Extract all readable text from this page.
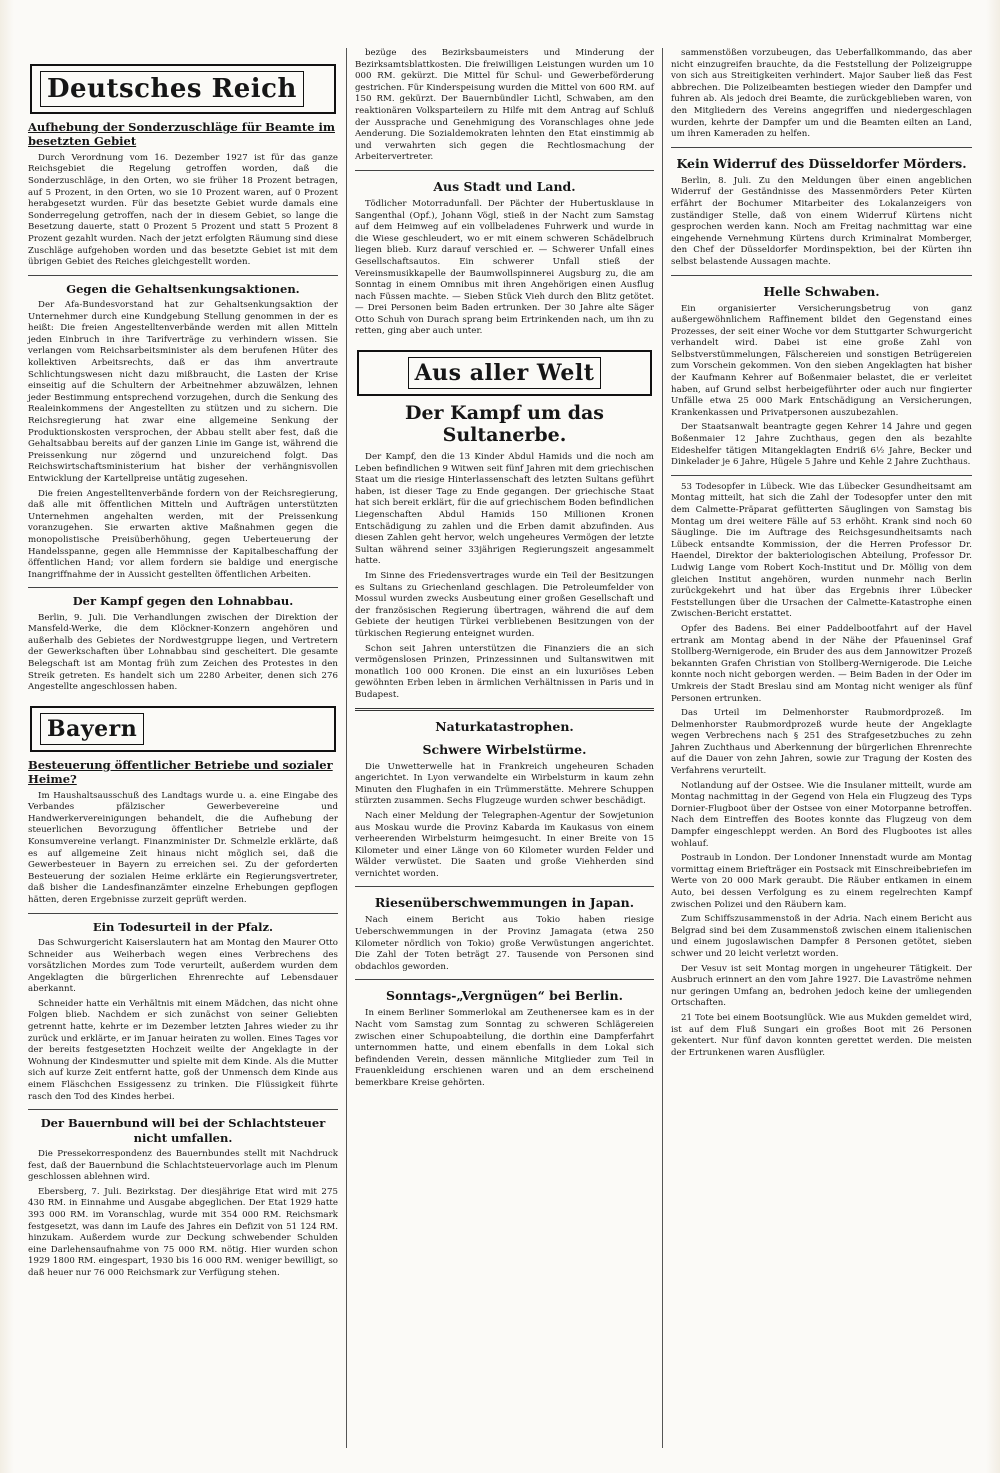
Deutsches Reich
Aufhebung der Sonderzuschläge für Beamte im besetzten Gebiet

Durch Verordnung vom 16. Dezember 1927 ist für das ganze Reichsgebiet die Regelung getroffen worden, daß die Sonderzuschläge, in den Orten, wo sie früher 18 Prozent betragen, auf 5 Prozent, in den Orten, wo sie 10 Prozent waren, auf 0 Prozent herabgesetzt wurden. Für das besetzte Gebiet wurde damals eine Sonderregelung getroffen, nach der in diesem Gebiet, so lange die Besetzung dauerte, statt 0 Prozent 5 Prozent und statt 5 Prozent 8 Prozent gezahlt wurden. Nach der jetzt erfolgten Räumung sind diese Zuschläge aufgehoben worden und das besetzte Gebiet ist mit dem übrigen Gebiet des Reiches gleichgestellt worden.

Gegen die Gehaltsenkungsaktionen.

Der Afa-Bundesvorstand hat zur Gehaltsenkungsaktion der Unternehmer durch eine Kundgebung Stellung genommen in der es heißt: Die freien Angestelltenverbände werden mit allen Mitteln jeden Einbruch in ihre Tarifverträge zu verhindern wissen. Sie verlangen vom Reichsarbeitsminister als dem berufenen Hüter des kollektiven Arbeitsrechts, daß er das ihm anvertraute Schlichtungswesen nicht dazu mißbraucht, die Lasten der Krise einseitig auf die Schultern der Arbeitnehmer abzuwälzen, lehnen jeder Bestimmung entsprechend vorzugehen, durch die Senkung des Realeinkommens der Angestellten zu stützen und zu sichern. Die Reichsregierung hat zwar eine allgemeine Senkung der Produktionskosten versprochen, der Abbau stellt aber fest, daß die Gehaltsabbau bereits auf der ganzen Linie im Gange ist, während die Preissenkung nur zögernd und unzureichend folgt. Das Reichswirtschaftsministerium hat bisher der verhängnisvollen Entwicklung der Kartellpreise untätig zugesehen.

Die freien Angestelltenverbände fordern von der Reichsregierung, daß alle mit öffentlichen Mitteln und Aufträgen unterstützten Unternehmen angehalten werden, mit der Preissenkung voranzugehen. Sie erwarten aktive Maßnahmen gegen die monopolistische Preisüberhöhung, gegen Ueberteuerung der Handelsspanne, gegen alle Hemmnisse der Kapitalbeschaffung der öffentlichen Hand; vor allem fordern sie baldige und energische Inangriffnahme der in Aussicht gestellten öffentlichen Arbeiten.

Der Kampf gegen den Lohnabbau.

Berlin, 9. Juli. Die Verhandlungen zwischen der Direktion der Mansfeld-Werke, die dem Klöckner-Konzern angehören und außerhalb des Gebietes der Nordwestgruppe liegen, und Vertretern der Gewerkschaften über Lohnabbau sind gescheitert. Die gesamte Belegschaft ist am Montag früh zum Zeichen des Protestes in den Streik getreten. Es handelt sich um 2280 Arbeiter, denen sich 276 Angestellte angeschlossen haben.

Bayern
Besteuerung öffentlicher Betriebe und sozialer Heime?

Im Haushaltsausschuß des Landtags wurde u. a. eine Eingabe des Verbandes pfälzischer Gewerbevereine und Handwerkervereinigungen behandelt, die die Aufhebung der steuerlichen Bevorzugung öffentlicher Betriebe und der Konsumvereine verlangt. Finanzminister Dr. Schmelzle erklärte, daß es auf allgemeine Zeit hinaus nicht möglich sei, daß die Gewerbesteuer in Bayern zu erreichen sei. Zu der geforderten Besteuerung der sozialen Heime erklärte ein Regierungsvertreter, daß bisher die Landesfinanzämter einzelne Erhebungen gepflogen hätten, deren Ergebnisse zurzeit geprüft werden.

Ein Todesurteil in der Pfalz.

Das Schwurgericht Kaiserslautern hat am Montag den Maurer Otto Schneider aus Weiherbach wegen eines Verbrechens des vorsätzlichen Mordes zum Tode verurteilt, außerdem wurden dem Angeklagten die bürgerlichen Ehrenrechte auf Lebensdauer aberkannt.

Schneider hatte ein Verhältnis mit einem Mädchen, das nicht ohne Folgen blieb. Nachdem er sich zunächst von seiner Geliebten getrennt hatte, kehrte er im Dezember letzten Jahres wieder zu ihr zurück und erklärte, er im Januar heiraten zu wollen. Eines Tages vor der bereits festgesetzten Hochzeit weilte der Angeklagte in der Wohnung der Kindesmutter und spielte mit dem Kinde. Als die Mutter sich auf kurze Zeit entfernt hatte, goß der Unmensch dem Kinde aus einem Fläschchen Essigessenz zu trinken. Die Flüssigkeit führte rasch den Tod des Kindes herbei.

Der Bauernbund will bei der Schlachtsteuer nicht umfallen.

Die Pressekorrespondenz des Bauernbundes stellt mit Nachdruck fest, daß der Bauernbund die Schlachtsteuervorlage auch im Plenum geschlossen ablehnen wird.

Ebersberg, 7. Juli. Bezirkstag. Der diesjährige Etat wird mit 275 430 RM. in Einnahme und Ausgabe abgeglichen. Der Etat 1929 hatte 393 000 RM. im Voranschlag, wurde mit 354 000 RM. Reichsmark festgesetzt, was dann im Laufe des Jahres ein Defizit von 51 124 RM. hinzukam. Außerdem wurde zur Deckung schwebender Schulden eine Darlehensaufnahme von 75 000 RM. nötig. Hier wurden schon 1929 1800 RM. eingespart, 1930 bis 16 000 RM. weniger bewilligt, so daß heuer nur 76 000 Reichsmark zur Verfügung stehen.

bezüge des Bezirksbaumeisters und Minderung der Bezirksamtsblattkosten. Die freiwilligen Leistungen wurden um 10 000 RM. gekürzt. Die Mittel für Schul- und Gewerbeförderung gestrichen. Für Kinderspeisung wurden die Mittel von 600 RM. auf 150 RM. gekürzt. Der Bauernbündler Lichtl, Schwaben, am den reaktionären Volksparteilern zu Hilfe mit dem Antrag auf Schluß der Aussprache und Genehmigung des Voranschlages ohne jede Aenderung. Die Sozialdemokraten lehnten den Etat einstimmig ab und verwahrten sich gegen die Rechtlosmachung der Arbeitervertreter.

Aus Stadt und Land.

Tödlicher Motorradunfall. Der Pächter der Hubertusklause in Sangenthal (Opf.), Johann Vögl, stieß in der Nacht zum Samstag auf dem Heimweg auf ein vollbeladenes Fuhrwerk und wurde in die Wiese geschleudert, wo er mit einem schweren Schädelbruch liegen blieb. Kurz darauf verschied er. — Schwerer Unfall eines Gesellschaftsautos. Ein schwerer Unfall stieß der Vereinsmusikkapelle der Baumwollspinnerei Augsburg zu, die am Sonntag in einem Omnibus mit ihren Angehörigen einen Ausflug nach Füssen machte. — Sieben Stück Vieh durch den Blitz getötet. — Drei Personen beim Baden ertrunken. Der 30 Jahre alte Säger Otto Schuh von Durach sprang beim Ertrinkenden nach, um ihn zu retten, ging aber auch unter.

Aus aller Welt
Der Kampf um das Sultanerbe.

Der Kampf, den die 13 Kinder Abdul Hamids und die noch am Leben befindlichen 9 Witwen seit fünf Jahren mit dem griechischen Staat um die riesige Hinterlassenschaft des letzten Sultans geführt haben, ist dieser Tage zu Ende gegangen. Der griechische Staat hat sich bereit erklärt, für die auf griechischem Boden befindlichen Liegenschaften Abdul Hamids 150 Millionen Kronen Entschädigung zu zahlen und die Erben damit abzufinden. Aus diesen Zahlen geht hervor, welch ungeheures Vermögen der letzte Sultan während seiner 33jährigen Regierungszeit angesammelt hatte.

Im Sinne des Friedensvertrages wurde ein Teil der Besitzungen es Sultans zu Griechenland geschlagen. Die Petroleumfelder von Mossul wurden zwecks Ausbeutung einer großen Gesellschaft und der französischen Regierung übertragen, während die auf dem Gebiete der heutigen Türkei verbliebenen Besitzungen von der türkischen Regierung enteignet wurden.

Schon seit Jahren unterstützen die Finanziers die an sich vermögenslosen Prinzen, Prinzessinnen und Sultanswitwen mit monatlich 100 000 Kronen. Die einst an ein luxuriöses Leben gewöhnten Erben leben in ärmlichen Verhältnissen in Paris und in Budapest.

Naturkatastrophen.
Schwere Wirbelstürme.

Die Unwetterwelle hat in Frankreich ungeheuren Schaden angerichtet. In Lyon verwandelte ein Wirbelsturm in kaum zehn Minuten den Flughafen in ein Trümmerstätte. Mehrere Schuppen stürzten zusammen. Sechs Flugzeuge wurden schwer beschädigt.

Nach einer Meldung der Telegraphen-Agentur der Sowjetunion aus Moskau wurde die Provinz Kabarda im Kaukasus von einem verheerenden Wirbelsturm heimgesucht. In einer Breite von 15 Kilometer und einer Länge von 60 Kilometer wurden Felder und Wälder verwüstet. Die Saaten und große Viehherden sind vernichtet worden.

Riesenüberschwemmungen in Japan.

Nach einem Bericht aus Tokio haben riesige Ueberschwemmungen in der Provinz Jamagata (etwa 250 Kilometer nördlich von Tokio) große Verwüstungen angerichtet. Die Zahl der Toten beträgt 27. Tausende von Personen sind obdachlos geworden.

Sonntags-„Vergnügen“ bei Berlin.

In einem Berliner Sommerlokal am Zeuthenersee kam es in der Nacht vom Samstag zum Sonntag zu schweren Schlägereien zwischen einer Schupoabteilung, die dorthin eine Dampferfahrt unternommen hatte, und einem ebenfalls in dem Lokal sich befindenden Verein, dessen männliche Mitglieder zum Teil in Frauenkleidung erschienen waren und an dem erscheinend bemerkbare Kreise gehörten.

sammenstößen vorzubeugen, das Ueberfallkommando, das aber nicht einzugreifen brauchte, da die Feststellung der Polizeigruppe von sich aus Streitigkeiten verhindert. Major Sauber ließ das Fest abbrechen. Die Polizeibeamten bestiegen wieder den Dampfer und fuhren ab. Als jedoch drei Beamte, die zurückgeblieben waren, von den Mitgliedern des Vereins angegriffen und niedergeschlagen wurden, kehrte der Dampfer um und die Beamten eilten an Land, um ihren Kameraden zu helfen.

Kein Widerruf des Düsseldorfer Mörders.

Berlin, 8. Juli. Zu den Meldungen über einen angeblichen Widerruf der Geständnisse des Massenmörders Peter Kürten erfährt der Bochumer Mitarbeiter des Lokalanzeigers von zuständiger Stelle, daß von einem Widerruf Kürtens nicht gesprochen werden kann. Noch am Freitag nachmittag war eine eingehende Vernehmung Kürtens durch Kriminalrat Momberger, den Chef der Düsseldorfer Mordinspektion, bei der Kürten ihn selbst belastende Aussagen machte.

Helle Schwaben.

Ein organisierter Versicherungsbetrug von ganz außergewöhnlichem Raffinement bildet den Gegenstand eines Prozesses, der seit einer Woche vor dem Stuttgarter Schwurgericht verhandelt wird. Dabei ist eine große Zahl von Selbstverstümmelungen, Fälschereien und sonstigen Betrügereien zum Vorschein gekommen. Von den sieben Angeklagten hat bisher der Kaufmann Kehrer auf Boßenmaier belastet, die er verleitet haben, auf Grund selbst herbeigeführter oder auch nur fingierter Unfälle etwa 25 000 Mark Entschädigung an Versicherungen, Krankenkassen und Privatpersonen auszubezahlen.

Der Staatsanwalt beantragte gegen Kehrer 14 Jahre und gegen Boßenmaier 12 Jahre Zuchthaus, gegen den als bezahlte Eideshelfer tätigen Mitangeklagten Endriß 6½ Jahre, Becker und Dinkelader je 6 Jahre, Hügele 5 Jahre und Kehle 2 Jahre Zuchthaus.

53 Todesopfer in Lübeck. Wie das Lübecker Gesundheitsamt am Montag mitteilt, hat sich die Zahl der Todesopfer unter den mit dem Calmette-Präparat gefütterten Säuglingen von Samstag bis Montag um drei weitere Fälle auf 53 erhöht. Krank sind noch 60 Säuglinge. Die im Auftrage des Reichsgesundheitsamts nach Lübeck entsandte Kommission, der die Herren Professor Dr. Haendel, Direktor der bakteriologischen Abteilung, Professor Dr. Ludwig Lange vom Robert Koch-Institut und Dr. Möllig von dem gleichen Institut angehören, wurden nunmehr nach Berlin zurückgekehrt und hat über das Ergebnis ihrer Lübecker Feststellungen über die Ursachen der Calmette-Katastrophe einen Zwischen-Bericht erstattet.

Opfer des Badens. Bei einer Paddelbootfahrt auf der Havel ertrank am Montag abend in der Nähe der Pfaueninsel Graf Stollberg-Wernigerode, ein Bruder des aus dem Jannowitzer Prozeß bekannten Grafen Christian von Stollberg-Wernigerode. Die Leiche konnte noch nicht geborgen werden. — Beim Baden in der Oder im Umkreis der Stadt Breslau sind am Montag nicht weniger als fünf Personen ertrunken.

Das Urteil im Delmenhorster Raubmordprozeß. Im Delmenhorster Raubmordprozeß wurde heute der Angeklagte wegen Verbrechens nach § 251 des Strafgesetzbuches zu zehn Jahren Zuchthaus und Aberkennung der bürgerlichen Ehrenrechte auf die Dauer von zehn Jahren, sowie zur Tragung der Kosten des Verfahrens verurteilt.

Notlandung auf der Ostsee. Wie die Insulaner mitteilt, wurde am Montag nachmittag in der Gegend von Hela ein Flugzeug des Typs Dornier-Flugboot über der Ostsee von einer Motorpanne betroffen. Nach dem Eintreffen des Bootes konnte das Flugzeug von dem Dampfer eingeschleppt werden. An Bord des Flugbootes ist alles wohlauf.

Postraub in London. Der Londoner Innenstadt wurde am Montag vormittag einem Briefträger ein Postsack mit Einschreibebriefen im Werte von 20 000 Mark geraubt. Die Räuber entkamen in einem Auto, bei dessen Verfolgung es zu einem regelrechten Kampf zwischen Polizei und den Räubern kam.

Zum Schiffszusammenstoß in der Adria. Nach einem Bericht aus Belgrad sind bei dem Zusammenstoß zwischen einem italienischen und einem jugoslawischen Dampfer 8 Personen getötet, sieben schwer und 20 leicht verletzt worden.

Der Vesuv ist seit Montag morgen in ungeheurer Tätigkeit. Der Ausbruch erinnert an den vom Jahre 1927. Die Lavaströme nehmen nur geringen Umfang an, bedrohen jedoch keine der umliegenden Ortschaften.

21 Tote bei einem Bootsunglück. Wie aus Mukden gemeldet wird, ist auf dem Fluß Sungari ein großes Boot mit 26 Personen gekentert. Nur fünf davon konnten gerettet werden. Die meisten der Ertrunkenen waren Ausflügler.
